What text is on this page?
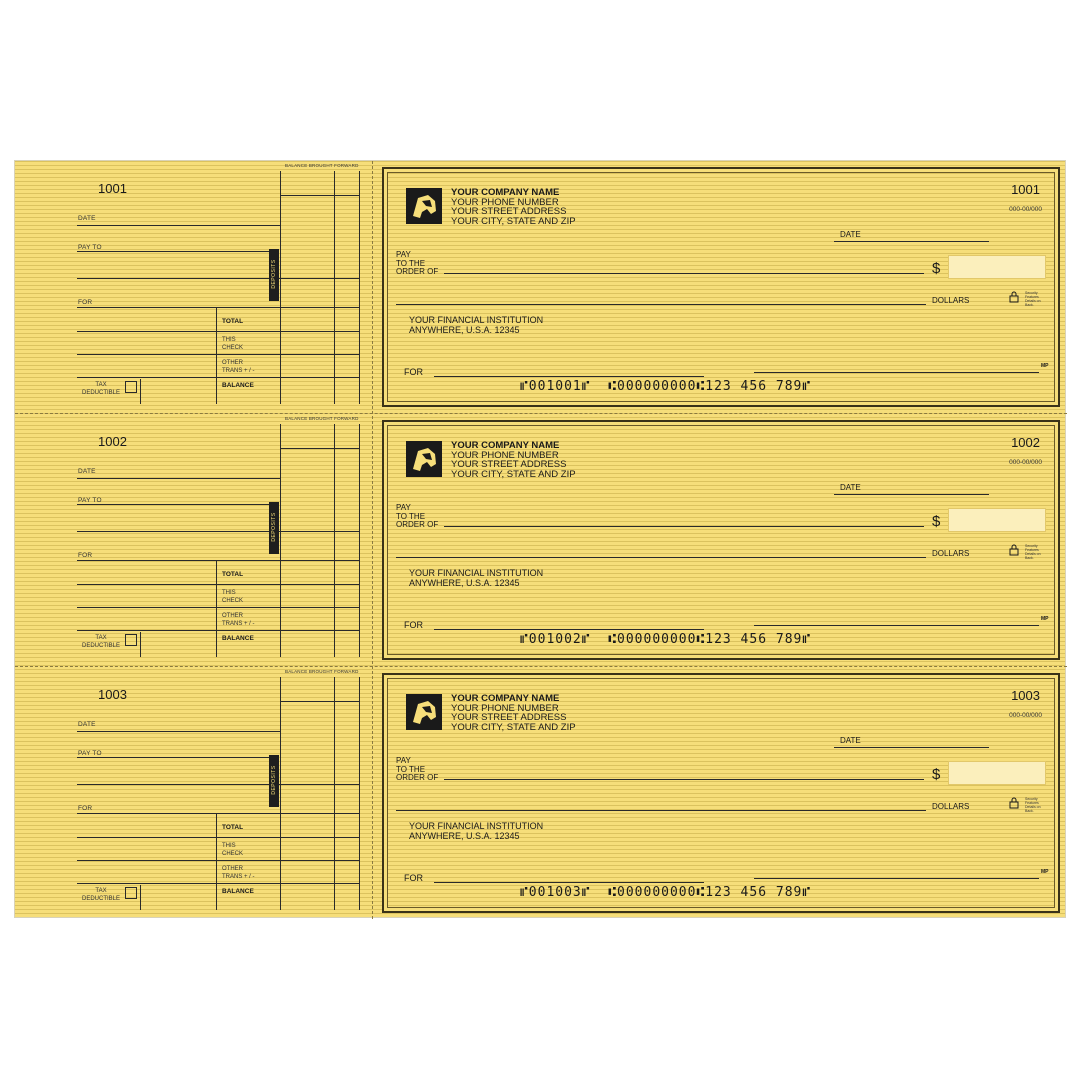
1001
BALANCE BROUGHT FORWARD
DATE
PAY TO
DEPOSITS
FOR
TOTAL
THIS
CHECK
OTHER
TRANS + / -
BALANCE
TAX
DEDUCTIBLE
YOUR COMPANY NAME
YOUR PHONE NUMBER
YOUR STREET ADDRESS
YOUR CITY, STATE AND ZIP
1001
000-00/000
DATE
PAY
TO THE
ORDER OF	$
DOLLARS
Security Features Details on Back.
YOUR FINANCIAL INSTITUTION
ANYWHERE, U.S.A. 12345
FOR
MP
⑈001001⑈  ⑆000000000⑆123 456 789⑈
1002
BALANCE BROUGHT FORWARD
DATE
PAY TO
DEPOSITS
FOR
TOTAL
THIS
CHECK
OTHER
TRANS + / -
BALANCE
TAX
DEDUCTIBLE
YOUR COMPANY NAME
YOUR PHONE NUMBER
YOUR STREET ADDRESS
YOUR CITY, STATE AND ZIP
1002
000-00/000
DATE
PAY
TO THE
ORDER OF	$
DOLLARS
Security Features Details on Back.
YOUR FINANCIAL INSTITUTION
ANYWHERE, U.S.A. 12345
FOR
MP
⑈001002⑈  ⑆000000000⑆123 456 789⑈
1003
BALANCE BROUGHT FORWARD
DATE
PAY TO
DEPOSITS
FOR
TOTAL
THIS
CHECK
OTHER
TRANS + / -
BALANCE
TAX
DEDUCTIBLE
YOUR COMPANY NAME
YOUR PHONE NUMBER
YOUR STREET ADDRESS
YOUR CITY, STATE AND ZIP
1003
000-00/000
DATE
PAY
TO THE
ORDER OF	$
DOLLARS
Security Features Details on Back.
YOUR FINANCIAL INSTITUTION
ANYWHERE, U.S.A. 12345
FOR
MP
⑈001003⑈  ⑆000000000⑆123 456 789⑈
